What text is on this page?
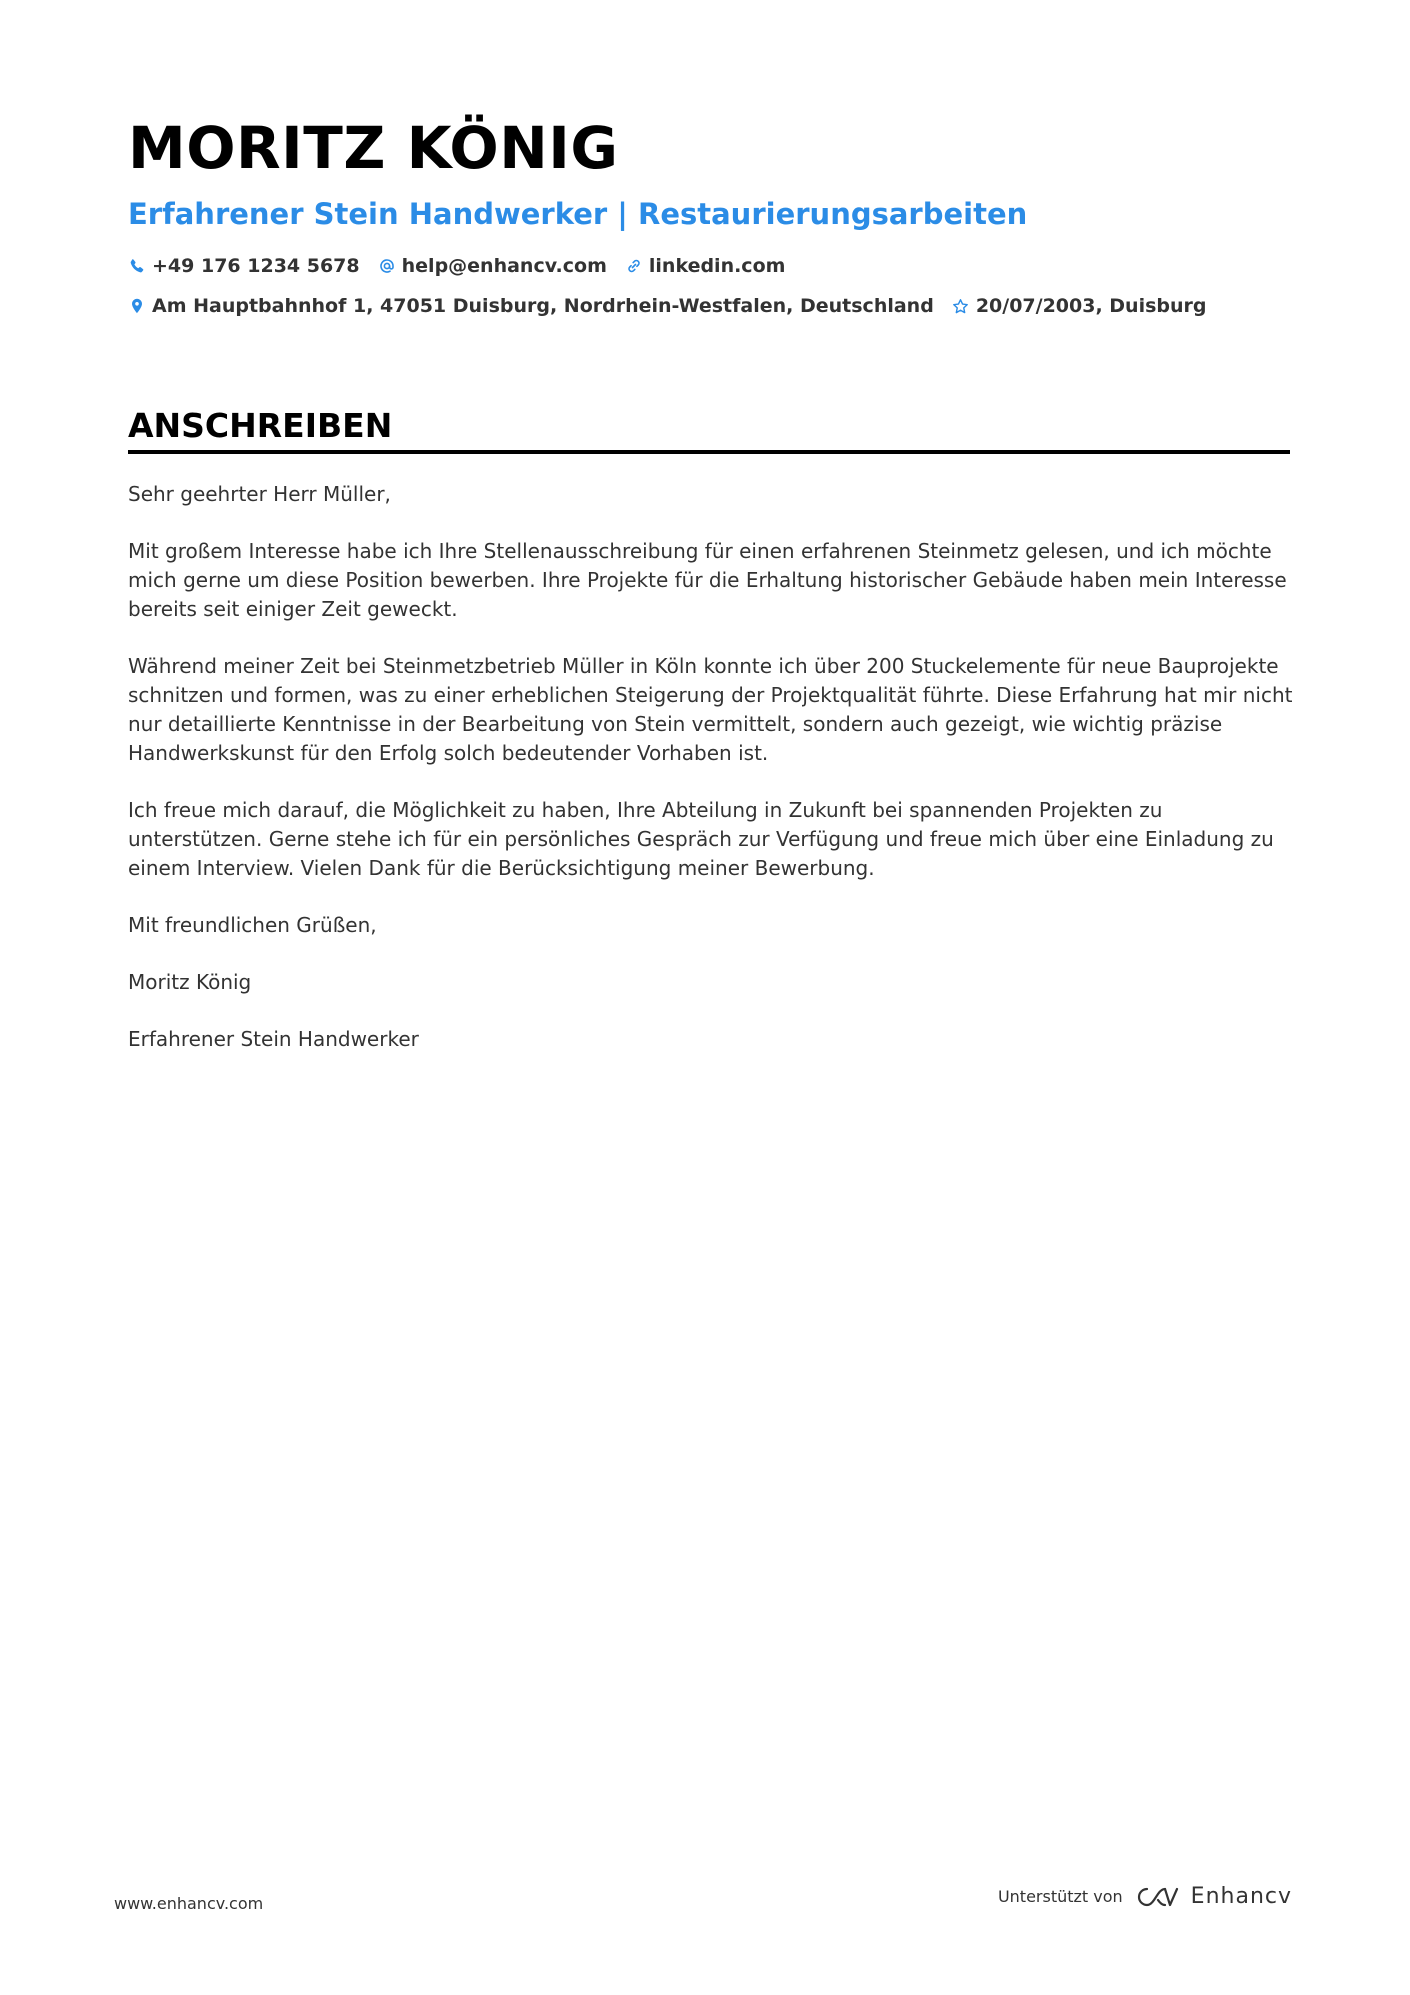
MORITZ KÖNIG
Erfahrener Stein Handwerker | Restaurierungsarbeiten
+49 176 1234 5678 help@enhancv.com linkedin.com
Am Hauptbahnhof 1, 47051 Duisburg, Nordrhein-Westfalen, Deutschland 20/07/2003, Duisburg
ANSCHREIBEN

Sehr geehrter Herr Müller,

Mit großem Interesse habe ich Ihre Stellenausschreibung für einen erfahrenen Steinmetz gelesen, und ich möchte mich gerne um diese Position bewerben. Ihre Projekte für die Erhaltung historischer Gebäude haben mein Interesse bereits seit einiger Zeit geweckt.

Während meiner Zeit bei Steinmetzbetrieb Müller in Köln konnte ich über 200 Stuckelemente für neue Bauprojekte schnitzen und formen, was zu einer erheblichen Steigerung der Projektqualität führte. Diese Erfahrung hat mir nicht nur detaillierte Kenntnisse in der Bearbeitung von Stein vermittelt, sondern auch gezeigt, wie wichtig präzise Handwerkskunst für den Erfolg solch bedeutender Vorhaben ist.

Ich freue mich darauf, die Möglichkeit zu haben, Ihre Abteilung in Zukunft bei spannenden Projekten zu unterstützen. Gerne stehe ich für ein persönliches Gespräch zur Verfügung und freue mich über eine Einladung zu einem Interview. Vielen Dank für die Berücksichtigung meiner Bewerbung.

Mit freundlichen Grüßen,

Moritz König

Erfahrener Stein Handwerker

www.enhancv.com	Unterstützt von	Enhancv
